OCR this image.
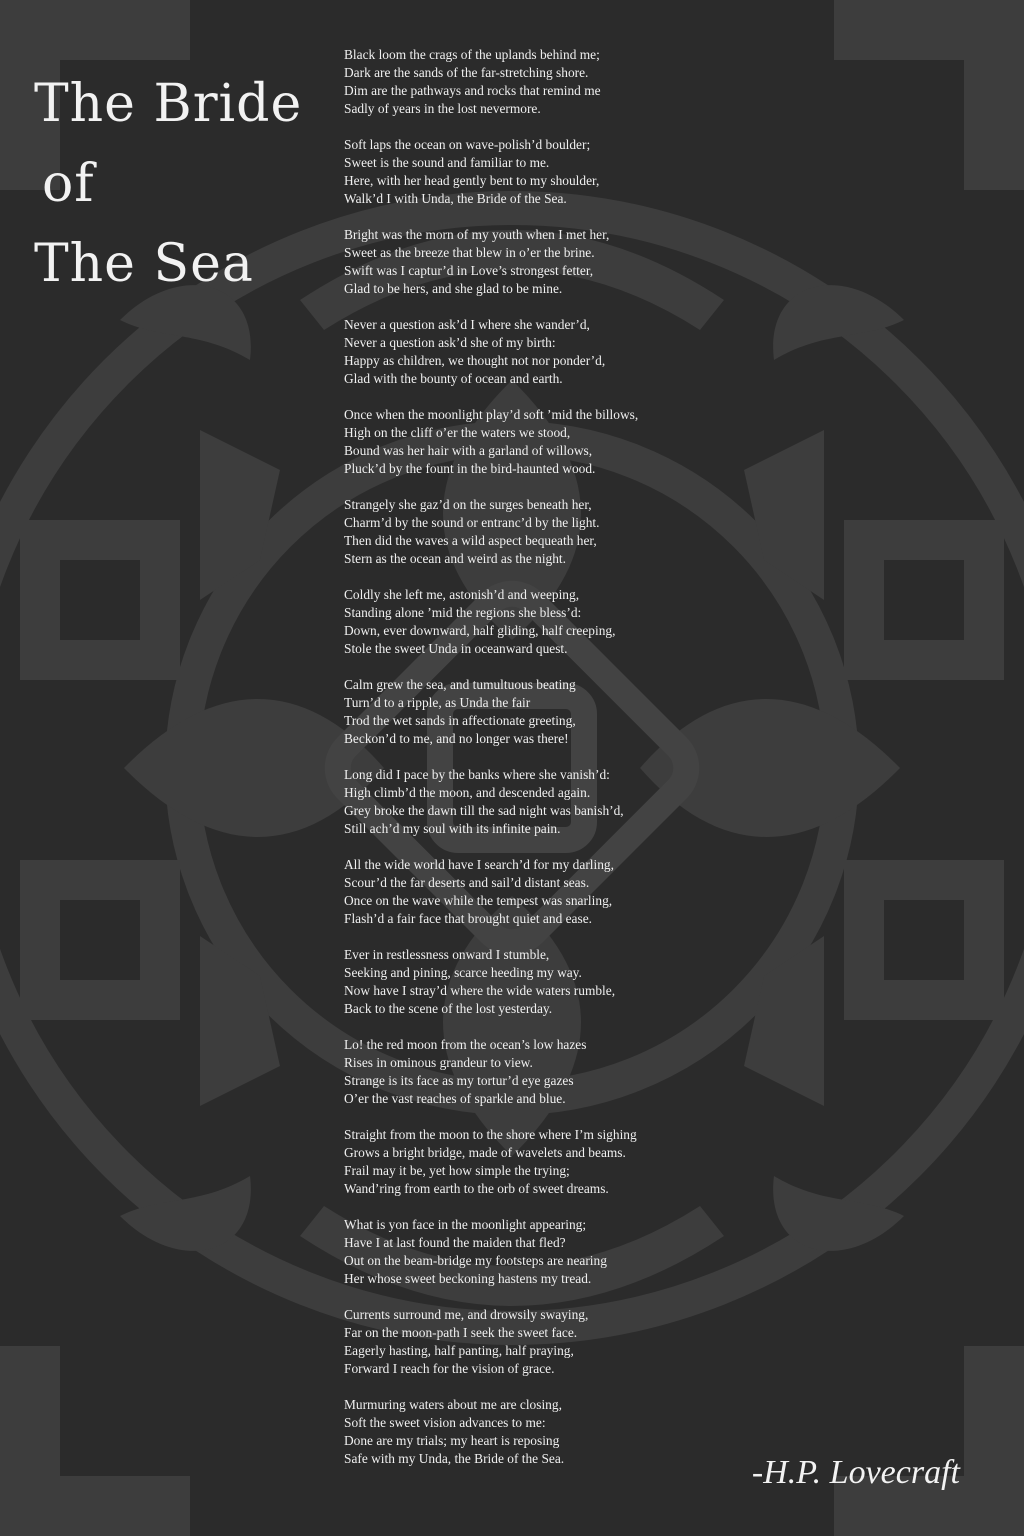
The Bride
of
The Sea
Black loom the crags of the uplands behind me;
Dark are the sands of the far-stretching shore.
Dim are the pathways and rocks that remind me
Sadly of years in the lost nevermore.
Soft laps the ocean on wave-polish’d boulder;
Sweet is the sound and familiar to me.
Here, with her head gently bent to my shoulder,
Walk’d I with Unda, the Bride of the Sea.
Bright was the morn of my youth when I met her,
Sweet as the breeze that blew in o’er the brine.
Swift was I captur’d in Love’s strongest fetter,
Glad to be hers, and she glad to be mine.
Never a question ask’d I where she wander’d,
Never a question ask’d she of my birth:
Happy as children, we thought not nor ponder’d,
Glad with the bounty of ocean and earth.
Once when the moonlight play’d soft ’mid the billows,
High on the cliff o’er the waters we stood,
Bound was her hair with a garland of willows,
Pluck’d by the fount in the bird-haunted wood.
Strangely she gaz’d on the surges beneath her,
Charm’d by the sound or entranc’d by the light.
Then did the waves a wild aspect bequeath her,
Stern as the ocean and weird as the night.
Coldly she left me, astonish’d and weeping,
Standing alone ’mid the regions she bless’d:
Down, ever downward, half gliding, half creeping,
Stole the sweet Unda in oceanward quest.
Calm grew the sea, and tumultuous beating
Turn’d to a ripple, as Unda the fair
Trod the wet sands in affectionate greeting,
Beckon’d to me, and no longer was there!
Long did I pace by the banks where she vanish’d:
High climb’d the moon, and descended again.
Grey broke the dawn till the sad night was banish’d,
Still ach’d my soul with its infinite pain.
All the wide world have I search’d for my darling,
Scour’d the far deserts and sail’d distant seas.
Once on the wave while the tempest was snarling,
Flash’d a fair face that brought quiet and ease.
Ever in restlessness onward I stumble,
Seeking and pining, scarce heeding my way.
Now have I stray’d where the wide waters rumble,
Back to the scene of the lost yesterday.
Lo! the red moon from the ocean’s low hazes
Rises in ominous grandeur to view.
Strange is its face as my tortur’d eye gazes
O’er the vast reaches of sparkle and blue.
Straight from the moon to the shore where I’m sighing
Grows a bright bridge, made of wavelets and beams.
Frail may it be, yet how simple the trying;
Wand’ring from earth to the orb of sweet dreams.
What is yon face in the moonlight appearing;
Have I at last found the maiden that fled?
Out on the beam-bridge my footsteps are nearing
Her whose sweet beckoning hastens my tread.
Currents surround me, and drowsily swaying,
Far on the moon-path I seek the sweet face.
Eagerly hasting, half panting, half praying,
Forward I reach for the vision of grace.
Murmuring waters about me are closing,
Soft the sweet vision advances to me:
Done are my trials; my heart is reposing
Safe with my Unda, the Bride of the Sea.	-H.P. Lovecraft
